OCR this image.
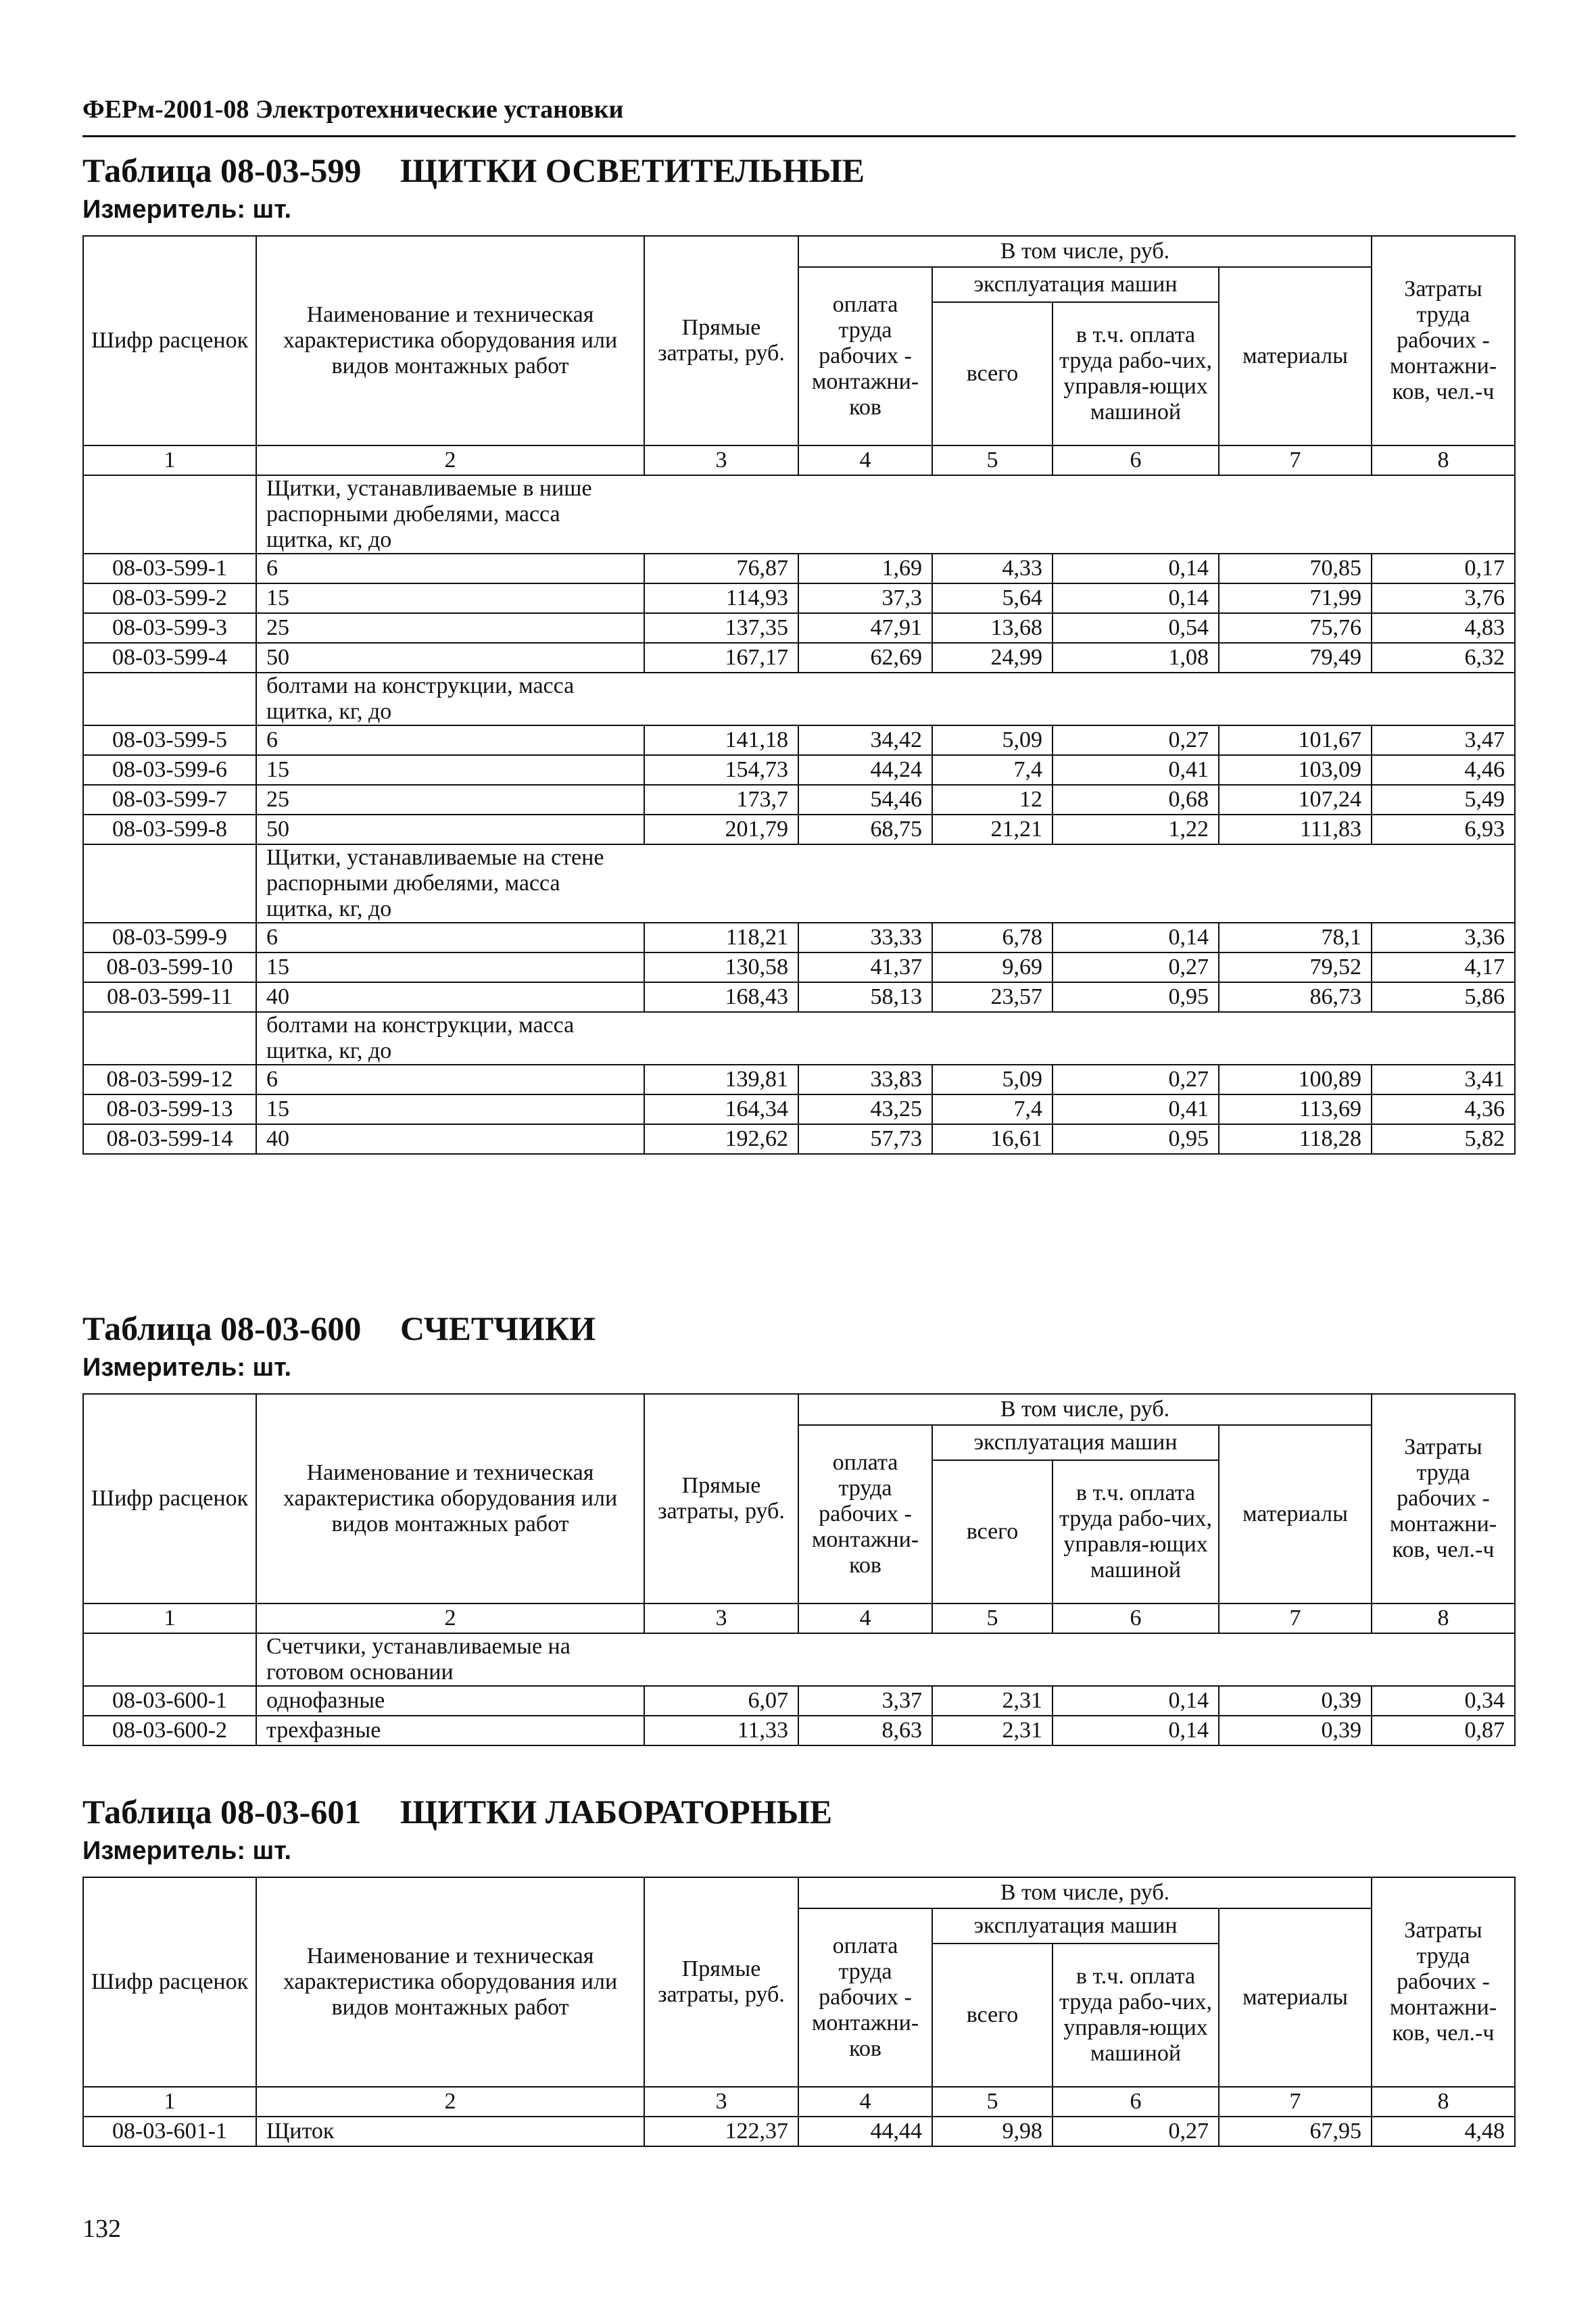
ФЕРм-2001-08 Электротехнические установки
Таблица 08-03-599 ЩИТКИ ОСВЕТИТЕЛЬНЫЕ
Измеритель: шт.
Шифр расценок	Наименование и техническая характеристика оборудования или видов монтажных работ	Прямые затраты, руб.	В том числе, руб.				Затраты труда рабочих - монтажни-ков, чел.-ч
			оплата труда рабочих - монтажни-ков	эксплуатация машин		материалы	
				всего	в т.ч. оплата труда рабо-чих, управля-ющих машиной		
1	2	3	4	5	6	7	8
	Щитки, устанавливаемые в нише
распорными дюбелями, масса
щитка, кг, до						
08-03-599-1	6	76,87	1,69	4,33	0,14	70,85	0,17
08-03-599-2	15	114,93	37,3	5,64	0,14	71,99	3,76
08-03-599-3	25	137,35	47,91	13,68	0,54	75,76	4,83
08-03-599-4	50	167,17	62,69	24,99	1,08	79,49	6,32
	болтами на конструкции, масса
щитка, кг, до						
08-03-599-5	6	141,18	34,42	5,09	0,27	101,67	3,47
08-03-599-6	15	154,73	44,24	7,4	0,41	103,09	4,46
08-03-599-7	25	173,7	54,46	12	0,68	107,24	5,49
08-03-599-8	50	201,79	68,75	21,21	1,22	111,83	6,93
	Щитки, устанавливаемые на стене
распорными дюбелями, масса
щитка, кг, до						
08-03-599-9	6	118,21	33,33	6,78	0,14	78,1	3,36
08-03-599-10	15	130,58	41,37	9,69	0,27	79,52	4,17
08-03-599-11	40	168,43	58,13	23,57	0,95	86,73	5,86
	болтами на конструкции, масса
щитка, кг, до						
08-03-599-12	6	139,81	33,83	5,09	0,27	100,89	3,41
08-03-599-13	15	164,34	43,25	7,4	0,41	113,69	4,36
08-03-599-14	40	192,62	57,73	16,61	0,95	118,28	5,82
Таблица 08-03-600 СЧЕТЧИКИ
Измеритель: шт.
Шифр расценок	Наименование и техническая характеристика оборудования или видов монтажных работ	Прямые затраты, руб.	В том числе, руб.				Затраты труда рабочих - монтажни-ков, чел.-ч
			оплата труда рабочих - монтажни-ков	эксплуатация машин		материалы	
				всего	в т.ч. оплата труда рабо-чих, управля-ющих машиной		
1	2	3	4	5	6	7	8
	Счетчики, устанавливаемые на
готовом основании						
08-03-600-1	однофазные	6,07	3,37	2,31	0,14	0,39	0,34
08-03-600-2	трехфазные	11,33	8,63	2,31	0,14	0,39	0,87
Таблица 08-03-601 ЩИТКИ ЛАБОРАТОРНЫЕ
Измеритель: шт.
Шифр расценок	Наименование и техническая характеристика оборудования или видов монтажных работ	Прямые затраты, руб.	В том числе, руб.				Затраты труда рабочих - монтажни-ков, чел.-ч
			оплата труда рабочих - монтажни-ков	эксплуатация машин		материалы	
				всего	в т.ч. оплата труда рабо-чих, управля-ющих машиной		
1	2	3	4	5	6	7	8
08-03-601-1	Щиток	122,37	44,44	9,98	0,27	67,95	4,48
132
